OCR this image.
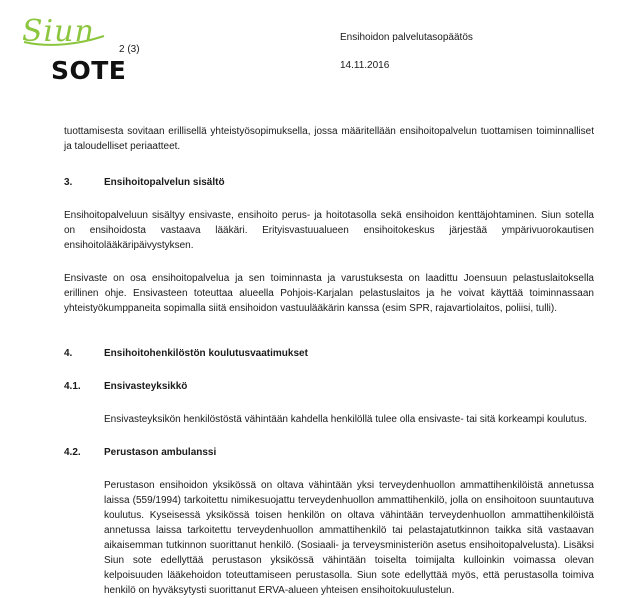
Siun
SOTE
2 (3)
Ensihoidon palvelutasopäätös
14.11.2016

tuottamisesta sovitaan erillisellä yhteistyösopimuksella, jossa määritellään ensihoitopalvelun tuottamisen toiminnalliset ja taloudelliset periaatteet.

3.	Ensihoitopalvelun sisältö

Ensihoitopalveluun sisältyy ensivaste, ensihoito perus- ja hoitotasolla sekä ensihoidon kenttäjohtaminen. Siun sotella on ensihoidosta vastaava lääkäri. Erityisvastuualueen ensihoitokeskus järjestää ympärivuorokautisen ensihoitolääkäripäivystyksen.

Ensivaste on osa ensihoitopalvelua ja sen toiminnasta ja varustuksesta on laadittu Joensuun pelastuslaitoksella erillinen ohje. Ensivasteen toteuttaa alueella Pohjois-Karjalan pelastuslaitos ja he voivat käyttää toiminnassaan yhteistyökumppaneita sopimalla siitä ensihoidon vastuulääkärin kanssa (esim SPR, rajavartiolaitos, poliisi, tulli).

4.	Ensihoitohenkilöstön koulutusvaatimukset
4.1.	Ensivasteyksikkö

Ensivasteyksikön henkilöstöstä vähintään kahdella henkilöllä tulee olla ensivaste- tai sitä korkeampi koulutus.

4.2.	Perustason ambulanssi

Perustason ensihoidon yksikössä on oltava vähintään yksi terveydenhuollon ammattihenkilöistä annetussa laissa (559/1994) tarkoitettu nimikesuojattu terveydenhuollon ammattihenkilö, jolla on ensihoitoon suuntautuva koulutus. Kyseisessä yksikössä toisen henkilön on oltava vähintään terveydenhuollon ammattihenkilöistä annetussa laissa tarkoitettu terveydenhuollon ammattihenkilö tai pelastajatutkinnon taikka sitä vastaavan aikaisemman tutkinnon suorittanut henkilö. (Sosiaali- ja terveysministeriön asetus ensihoitopalvelusta). Lisäksi Siun sote edellyttää perustason yksikössä vähintään toiselta toimijalta kulloinkin voimassa olevan kelpoisuuden lääkehoidon toteuttamiseen perustasolla. Siun sote edellyttää myös, että perustasolla toimiva henkilö on hyväksytysti suorittanut ERVA-alueen yhteisen ensihoitokuulustelun.
